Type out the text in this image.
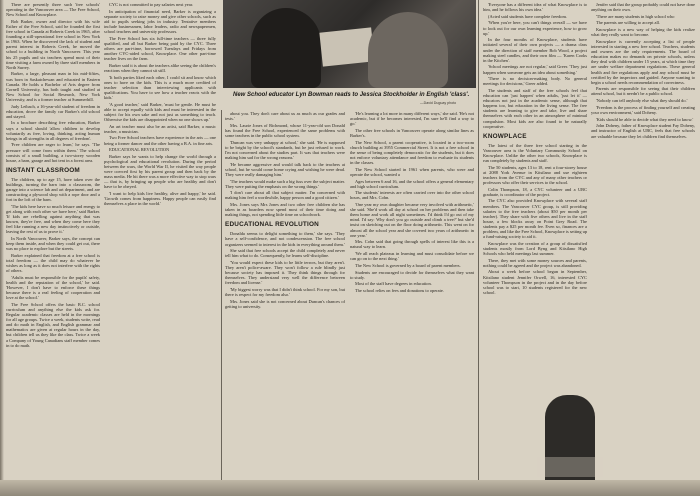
There are presently three such 'free schools' operating in the Vancouver area — The Free School, New School and Knowplace.

Bob Barker, owner and director with his wife Esther of the Free School, said he founded the first free school in Canada at Roberts Creek in 1965, after founding a still-operational free school in New York in 1963. When he discovered the lack of student and parent interest in Roberts Creek, he moved the school to a building in North Vancouver. This year his 25 pupils and six teachers spend most of their time visiting a farm owned by three staff members in North Surrey.

Barker, a large, pleasant man in his mid-fifties, was born in Saskatchewan and educated in Eastern Canada. He holds a Bachelor of Arts degree from Cornell University, has both taught and studied at New School for Social Research, New York University, and is a former teacher at Summerhill.

Judy Leibach, a 16-year-old student of freedom in education, drove the family car Barker's old school and stayed.

In a brochure describing free education, Barker says a school should 'allow children to develop voluntarily as free, loving, thinking, acting human beings in all strengths in all degrees of freedom'.

'Free children are eager to learn,' he says. 'The pressure will come from within them.' The school consists of a small building, a two-storey wooden house, a barn, garage and hot tent in a forest area.

INSTANT CLASSROOM

The children, up to age 15, have taken over the buildings, turning the barn into a classroom, the garage into a science lab and art department, and are constructing a plywood shop with a rope door and a fort in the loft of the barn.

'The kids here have so much leisure and energy to get along with each other we have here,' said Barker. 'If kids are rebelling against anything that was known, they're free, and when they come here they feel like running a new day instinctively or outside, leaving the rest of us to prove it.'

In North Vancouver, Barker says, the concept can keep them inside, and when they could get out, there was no place to explore but the streets.

Barker explained that freedom at a free school is total freedom — the child may do whatever he wishes as long as it does not interfere with the rights of others.

'Adults must be responsible for the pupils' safety, health and the reputation of the school,' he said. 'However, I don't have to enforce these things because there is a real feeling of cooperation and love at the school.'

The Free School offers the basic B.C. school curriculum and anything else the kids ask for. Regular academic classes are held in the mornings for all age groups. Twice a week, students write, read and do math in English, and English grammar and mathematics are given at regular hours in the day, but children tell us they like the class. Twice a week a Company of Young Canadians staff member comes in to do math.

CYC is not committed to pay salaries next year.

In anticipation of financial need, Barker is organizing a separate society to raise money and give other schools, such as aid to pupils seeking jobs in industry. Tentative members include businessmen, labor leaders, radio and newspapermen, school teachers and university professors.

The Free School has six full-time teachers — three fully qualified, and all but Barker being paid by the CYC. Three others are part-time, borrowed Tuesdays and Fridays from another CYC-aided school, Knowplace. One other part-time teacher lives on the farm.

Barker said it is about the teachers alike seeing the children's reactions when they cannot sit still.

'It both parties liked each other, I could sit and know which ones to have on the kids. This is a much more credited of teacher selection than interviewing applicants with qualifications. You have to see how a teacher reacts with the kids.'

'A good teacher,' said Barker, 'must be gentle. He must be able to accept equally with kids and must be interested in the subject for his own sake and not just as something to teach. Otherwise the kids are disappointed when no one shows up.'

An art teacher must also be an artist, said Barker, a music teacher, a musician.

Two Free School teachers have experience in the arts — one being a former dancer and the other having a B.A. in fine arts.

EDUCATIONAL REVOLUTION

Barker says he wants to help change the world through a psychological and educational revolution. During the period between the wars, the World War II, he visited the way people were coerced first by his parent group and then back by the mass media. He hit there was a more effective way to stop wars — that is, by bringing up people who are healthy and don't have to be obeyed.

'I want to help kids live healthy, alive and happy,' he said. 'Growth comes from happiness. Happy people can easily find themselves a place in the world.'

New School educator Lyn Bowman reads to Jessica Stockholder in English 'class'.
—David Duguay photo

about you. They don't care about us as much as our grades and tests.'

Mrs. Laurie Jones of Richmond, whose 11-year-old son Donald has found the Free School, experienced the same problems with some teachers in the public school system.

'Duncan was very unhappy at school,' she said. 'He is supposed to be bright by the school's standards, but he just refused to work. I'm not concerned about the studies part. It was that teachers were making him sad for the wrong reasons.'

'He became aggressive and would talk back to the teachers at school, but he would come home crying and wishing he were dead. They were really damaging him.'

'The teachers would make such a big fuss over the subject matter. They were putting the emphasis on the wrong things.'

'I don't care about all that subject matter. I'm concerned with making him feel a worthwhile, happy person and a good citizen.'

Mrs. Jones says Mrs Jones and two other free children she has taken in as boarders now spend most of their time doing and making things, not spending little time on schoolwork.

EDUCATIONAL REVOLUTION

Donalda seems to delight something to them,' she says. 'They have a self-confidence, and not condescension. The free school organizers seemed to interest in the kids in everything around them.'

She said that free schools accept the child completely and never tell him what to do. Consequently, he learns self-discipline.

'You would expect these kids to be little terrors, but they aren't. They aren't police-aware. They won't follow a rule blindly just because society has imposed it. They think things through for themselves. They understand very well the difference between freedom and license.'

'My biggest worry was that I didn't think school. For my son, but there is respect for my freedom also.'

Mrs. Jones said she is not concerned about Duncan's chances of getting to university.

'He's learning a lot more in many different ways,' she said. 'He's not academic, but if he becomes interested, I'm sure he'll find a way to go.'

The other free schools in Vancouver operate along similar lines as Barker's.

The New School, a parent cooperative, is located in a two-room church building at 3955 Commercial Street. It is not a free school in the sense of being completely democratic for the students, but it does not enforce voluntary attendance and freedom to evaluate its students in the classes.

The New School started in 1961 when parents, who were and operate the school, wanted a

Ages between 6 and 16, and the school offers a general elementary and high school curriculum.

The students' interests are often carried over into the other school hours, and Mrs. Cohn.

'One year my own daughter became very involved with arithmetic,' she said. 'She'd work all day at school on her problems and then take them home and work all night sometimes. I'd think I'd go out of my mind. I'd say: Why don't you go outside and climb a tree?' but she'd insist on sketching out on the floor doing arithmetic. This went on for almost all the school year and she covered two years of arithmetic in one year.'

Mrs. Cohn said that going through spells of interest like this is a natural way to learn.

'We all reach plateaus in learning and must consolidate before we can go on to the next thing.'

The New School is governed by a board of parent members.

Students are encouraged to decide for themselves what they want to study.

Most of the staff have degrees in education.

The school relies on fees and donations to operate.

'Everyone has a different idea of what Knowplace is to him, and he follows his own idea.'

(Acted said students have complete freedom.

'When you're here, you can't things overall — we have to look out for our own learning experience, how to grow up.'

In the four months of Knowplace, students have initiated several of their own projects — a drama class under the direction of staff member Bob Wood, a project making steel candles, and their own film — 'Karen Cooks in the Kitchen'.

'School meetings are not regular,' said Greer. 'They just happen when someone gets an idea about something.'

'There is no decision-making body. No general meetings for decisions,' Greer added.

The students and staff of the free schools feel that education can 'just happen' when adults, 'just let it' — educators not just in the academic sense, although that happens too, but education in the living sense. The free students are learning to give and take, live and share themselves with each other in an atmosphere of minimal compulsion. Most kids are also found to be naturally cooperative.

KNOWPLACE

The latest of the three free school starting in the Vancouver area is the Voluntary Community School on Knowplace. Unlike the other two schools, Knowplace is run completely by students and staff.

The 50 students, ages 13 to 18, rent a four-storey house at 2088 York Avenue in Kitsilano and use eighteen teachers from the CYC and any of many other teachers or professors who offer their services to the school.

Colin Thompson, 18, a CYC volunteer and a UBC graduate, is coordinator of the project.

The CYC also provided Knowplace with several staff members. The Vancouver CYC group, is still providing salaries to the free teachers (about $50 per month per teacher). They share with five others and live in the staff house, a few blocks away on Point Grey Road. The students pay a $25 per month fee. Even so, finances are a problem, and like the Free School, Knowplace is setting up a fund-raising society to aid it.

Knowplace was the creation of a group of dissatisfied students mostly from Lord Byng and Kitsilano High Schools who held meetings last summer.

There, they met with some money sources and parents, nothing could be agreed and the project was abandoned.

About a week before school began in September, Kitsilano student Jennifer Orwell, 16, interested CYC volunteer Thompson in the project and in the day before school was to start, 10 students registered for the new school.

Jenifer said that the group probably could not have done anything on their own.

'There are many students in high school who

The parents are willing to accept all.

Knowplace is a new way of helping the kids realize what they really want to become.

Knowplace is currently accepting a list of people interested in starting a new free school. Teachers, students and owners are the only requirements. The board of education makes no demands on private schools, unless they deal with children under 15 years, at which time they are under welfare department regulations. These general health and fire regulations apply and any school must be certified by the inspectors and guided. Anyone wanting to begin a school needs recommendation of correctness.

Parents are responsible for seeing that their children attend school, but it needn't be a public school.

'Nobody can tell anybody else what they should do.'

'Freedom is the process of finding yourself and creating your own environment,' said Doheny.

'Kids should be able to decide what they need to know.'

John Doheny, father of Knowplace student Fay Doheny, and instructor of English at UBC, feels that free schools are valuable because they let children find themselves.
